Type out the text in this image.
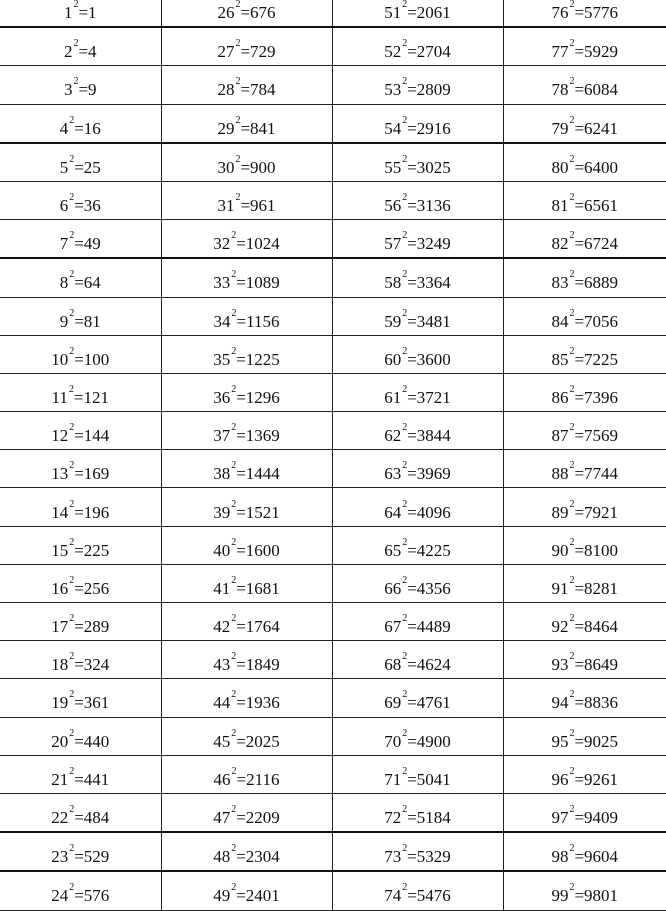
$1^2=1$	$26^2=676$	$51^2=2061$	$76^2=5776$
$2^2=4$	$27^2=729$	$52^2=2704$	$77^2=5929$
$3^2=9$	$28^2=784$	$53^2=2809$	$78^2=6084$
$4^2=16$	$29^2=841$	$54^2=2916$	$79^2=6241$
$5^2=25$	$30^2=900$	$55^2=3025$	$80^2=6400$
$6^2=36$	$31^2=961$	$56^2=3136$	$81^2=6561$
$7^2=49$	$32^2=1024$	$57^2=3249$	$82^2=6724$
$8^2=64$	$33^2=1089$	$58^2=3364$	$83^2=6889$
$9^2=81$	$34^2=1156$	$59^2=3481$	$84^2=7056$
$10^2=100$	$35^2=1225$	$60^2=3600$	$85^2=7225$
$11^2=121$	$36^2=1296$	$61^2=3721$	$86^2=7396$
$12^2=144$	$37^2=1369$	$62^2=3844$	$87^2=7569$
$13^2=169$	$38^2=1444$	$63^2=3969$	$88^2=7744$
$14^2=196$	$39^2=1521$	$64^2=4096$	$89^2=7921$
$15^2=225$	$40^2=1600$	$65^2=4225$	$90^2=8100$
$16^2=256$	$41^2=1681$	$66^2=4356$	$91^2=8281$
$17^2=289$	$42^2=1764$	$67^2=4489$	$92^2=8464$
$18^2=324$	$43^2=1849$	$68^2=4624$	$93^2=8649$
$19^2=361$	$44^2=1936$	$69^2=4761$	$94^2=8836$
$20^2=440$	$45^2=2025$	$70^2=4900$	$95^2=9025$
$21^2=441$	$46^2=2116$	$71^2=5041$	$96^2=9261$
$22^2=484$	$47^2=2209$	$72^2=5184$	$97^2=9409$
$23^2=529$	$48^2=2304$	$73^2=5329$	$98^2=9604$
$24^2=576$	$49^2=2401$	$74^2=5476$	$99^2=9801$
